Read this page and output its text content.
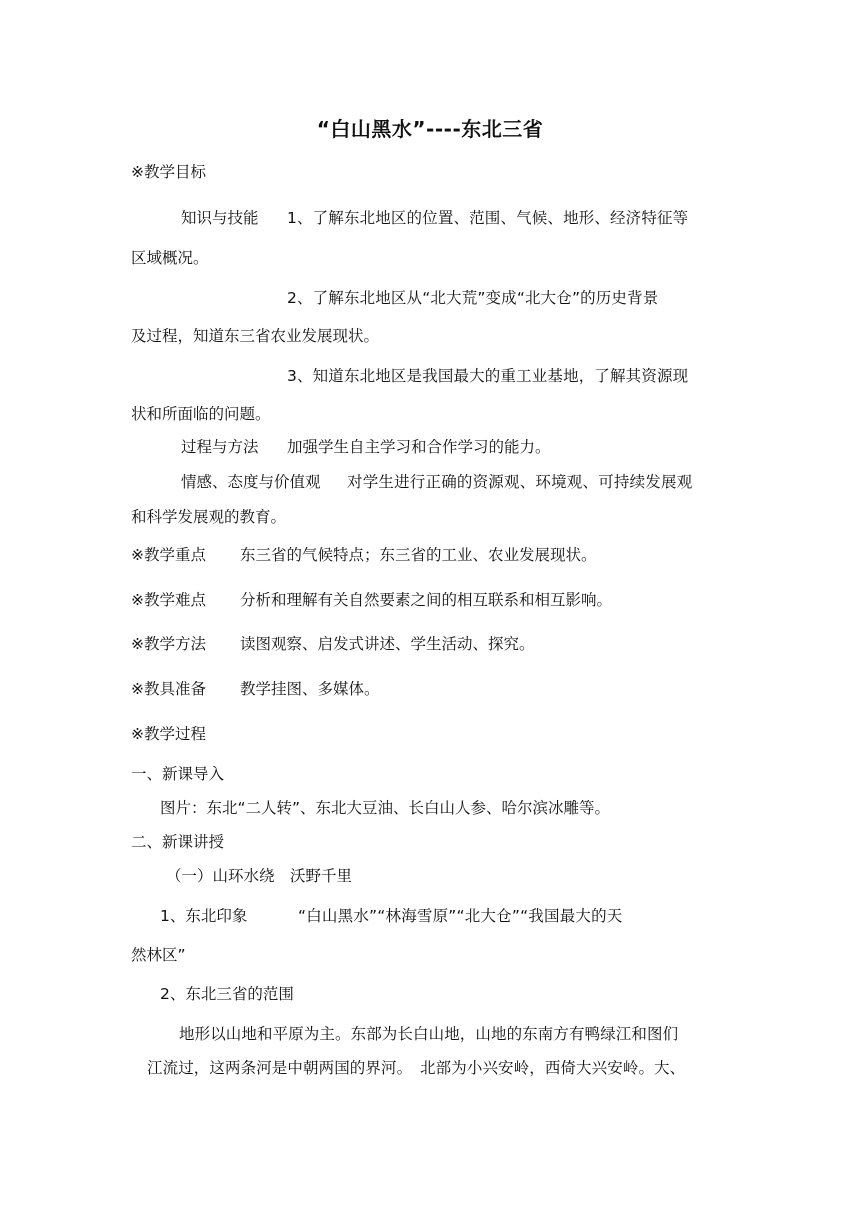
“白山黑水”----东北三省
※教学目标
知识与技能 1、了解东北地区的位置、范围、气候、地形、经济特征等
区域概况。
2、了解东北地区从“北大荒”变成“北大仓”的历史背景
及过程，知道东三省农业发展现状。
3、知道东北地区是我国最大的重工业基地，了解其资源现
状和所面临的问题。
过程与方法 加强学生自主学习和合作学习的能力。
情感、态度与价值观 对学生进行正确的资源观、环境观、可持续发展观
和科学发展观的教育。
※教学重点 东三省的气候特点；东三省的工业、农业发展现状。
※教学难点 分析和理解有关自然要素之间的相互联系和相互影响。
※教学方法 读图观察、启发式讲述、学生活动、探究。
※教具准备 教学挂图、多媒体。
※教学过程
一、新课导入
图片：东北“二人转”、东北大豆油、长白山人参、哈尔滨冰雕等。
二、新课讲授
（一）山环水绕　沃野千里
1、东北印象	“白山黑水”“林海雪原”“北大仓”“我国最大的天
然林区”
2、东北三省的范围
地形以山地和平原为主。东部为长白山地，山地的东南方有鸭绿江和图们
江流过，这两条河是中朝两国的界河。　北部为小兴安岭，西倚大兴安岭。大、
